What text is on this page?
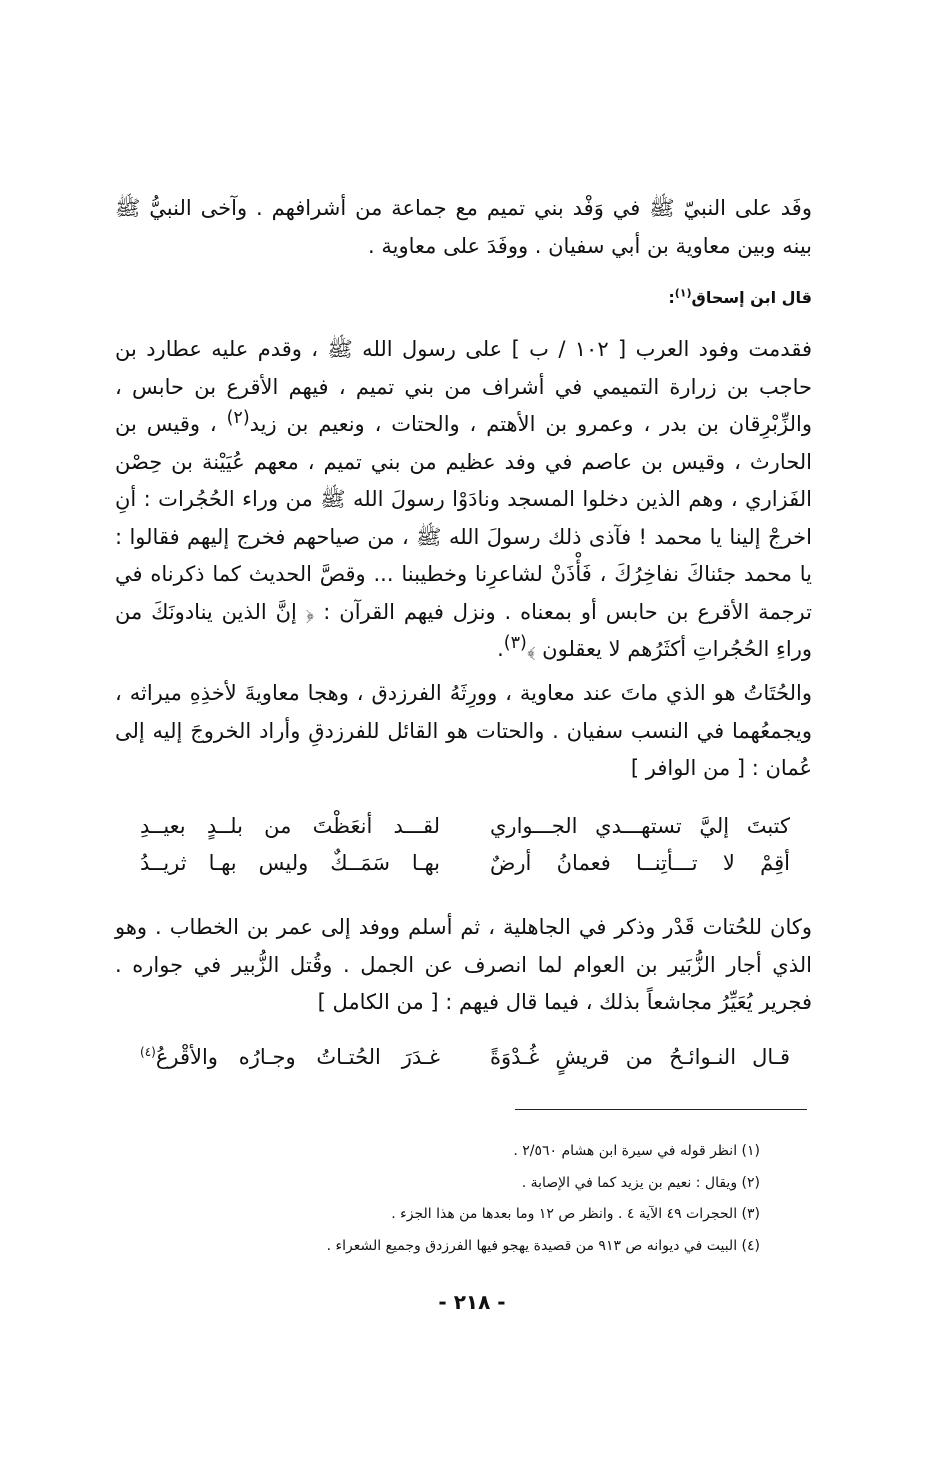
وفَد على النبيّ ﷺ في وَفْد بني تميم مع جماعة من أشرافهم . وآخى النبيُّ ﷺ بينه وبين معاوية بن أبي سفيان . ووفَدَ على معاوية .

قال ابن إسحاق$^{(١)}$:

فقدمت وفود العرب [ ١٠٢ / ب ] على رسول الله ﷺ ، وقدم عليه عطارد بن حاجب بن زرارة التميمي في أشراف من بني تميم ، فيهم الأقرع بن حابس ، والزِّبْرِقان بن بدر ، وعمرو بن الأهتم ، والحتات ، ونعيم بن زيد$^{(٢)}$ ، وقيس بن الحارث ، وقيس بن عاصم في وفد عظيم من بني تميم ، معهم عُيَيْنة بن حِصْن الفَزاري ، وهم الذين دخلوا المسجد ونادَوْا رسولَ الله ﷺ من وراء الحُجُرات : أنِ اخرجْ إلينا يا محمد ! فآذى ذلك رسولَ الله ﷺ ، من صياحهم فخرج إليهم فقالوا : يا محمد جئناكَ نفاخِرُكَ ، فَأْذَنْ لشاعرِنا وخطيبنا ... وقصَّ الحديث كما ذكرناه في ترجمة الأقرع بن حابس أو بمعناه . ونزل فيهم القرآن : ﴿ إنَّ الذين ينادونَكَ من وراءِ الحُجُراتِ أكثَرُهم لا يعقلون ﴾$^{(٣)}$.

والحُتَاتُ هو الذي ماتَ عند معاوية ، وورِثَهُ الفرزدق ، وهجا معاويةَ لأخذِهِ ميراثه ، ويجمعُهما في النسب سفيان . والحتات هو القائل للفرزدقِ وأراد الخروجَ إليه إلى عُمان : [ من الوافر ]

كتبتَ إليَّ تستهـــدي الجـــواري
لقـــد أنعَظْتَ من بلــدٍ بعيــدِ
أقِمْ لا تـــأتِنــا فعمانُ أرضٌ
بهـا سَمَــكٌ وليس بهـا ثريــدُ

وكان للحُتات قَدْر وذكر في الجاهلية ، ثم أسلم ووفد إلى عمر بن الخطاب . وهو الذي أجار الزُّبَير بن العوام لما انصرف عن الجمل . وقُتل الزُّبير في جواره . فجرير يُعَيِّرُ مجاشعاً بذلك ، فيما قال فيهم : [ من الكامل ]

قـال النـوائـحُ من قريشٍ غُـدْوَةً
غـدَرَ الحُتـاتُ وجـارُه والأقْرعُ$^{(٤)}$
(١) انظر قوله في سيرة ابن هشام ٢/٥٦٠ .
(٢) ويقال : نعيم بن يزيد كما في الإصابة .
(٣) الحجرات ٤٩ الآية ٤ . وانظر ص ١٢ وما بعدها من هذا الجزء .
(٤) البيت في ديوانه ص ٩١٣ من قصيدة يهجو فيها الفرزدق وجميع الشعراء .
- ٢١٨ -
